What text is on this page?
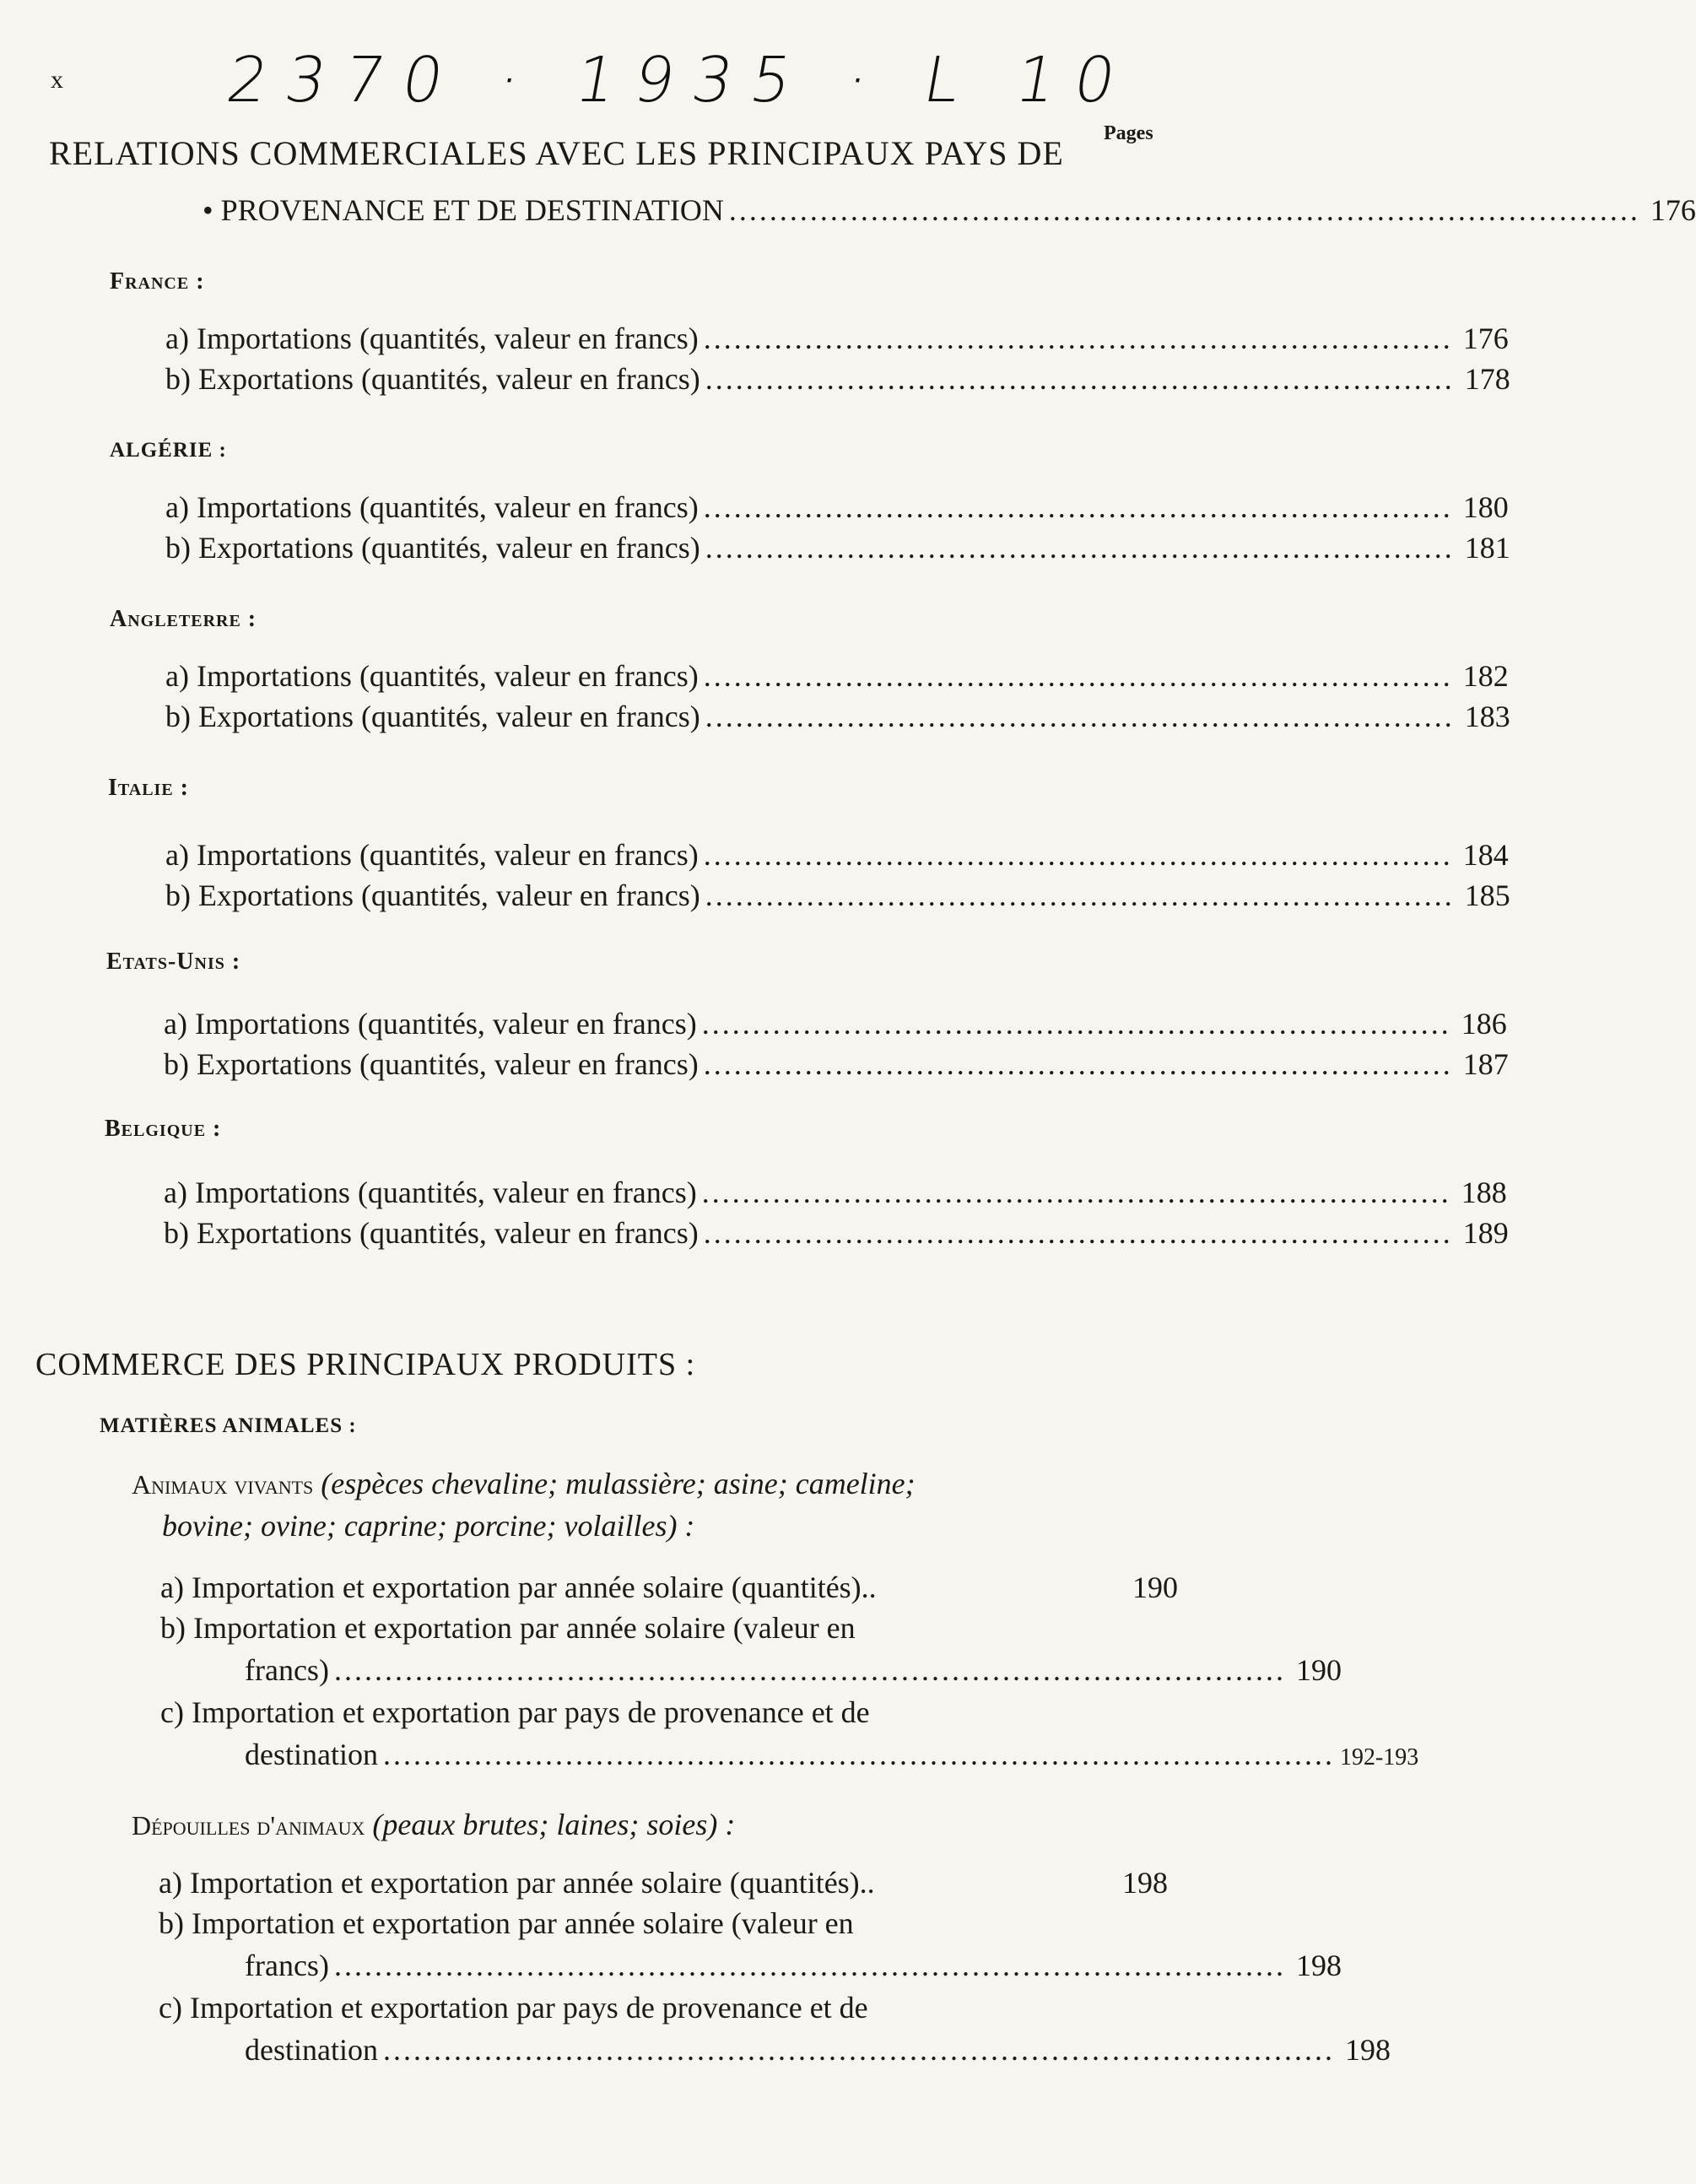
x	2370 · 1935 · L 10
Pages
RELATIONS COMMERCIALES AVEC LES PRINCIPAUX PAYS DE
• PROVENANCE ET DE DESTINATION .......................................................................................... 176
France :
a) Importations (quantités, valeur en francs) .......................................................................... 176
b) Exportations (quantités, valeur en francs) .......................................................................... 178
ALGÉRIE :
a) Importations (quantités, valeur en francs) .......................................................................... 180
b) Exportations (quantités, valeur en francs) .......................................................................... 181
Angleterre :
a) Importations (quantités, valeur en francs) .......................................................................... 182
b) Exportations (quantités, valeur en francs) .......................................................................... 183
Italie :
a) Importations (quantités, valeur en francs) .......................................................................... 184
b) Exportations (quantités, valeur en francs) .......................................................................... 185
Etats-Unis :
a) Importations (quantités, valeur en francs) .......................................................................... 186
b) Exportations (quantités, valeur en francs) .......................................................................... 187
Belgique :
a) Importations (quantités, valeur en francs) .......................................................................... 188
b) Exportations (quantités, valeur en francs) .......................................................................... 189
COMMERCE DES PRINCIPAUX PRODUITS :
MATIÈRES ANIMALES :
Animaux vivants (espèces chevaline; mulassière; asine; cameline;
bovine; ovine; caprine; porcine; volailles) :
a) Importation et exportation par année solaire (quantités)..	190
b) Importation et exportation par année solaire (valeur en
francs) .............................................................................................. 190
c) Importation et exportation par pays de provenance et de
destination .............................................................................................. 192-193
Dépouilles d'animaux (peaux brutes; laines; soies) :
a) Importation et exportation par année solaire (quantités)..	198
b) Importation et exportation par année solaire (valeur en
francs) .............................................................................................. 198
c) Importation et exportation par pays de provenance et de
destination .............................................................................................. 198
